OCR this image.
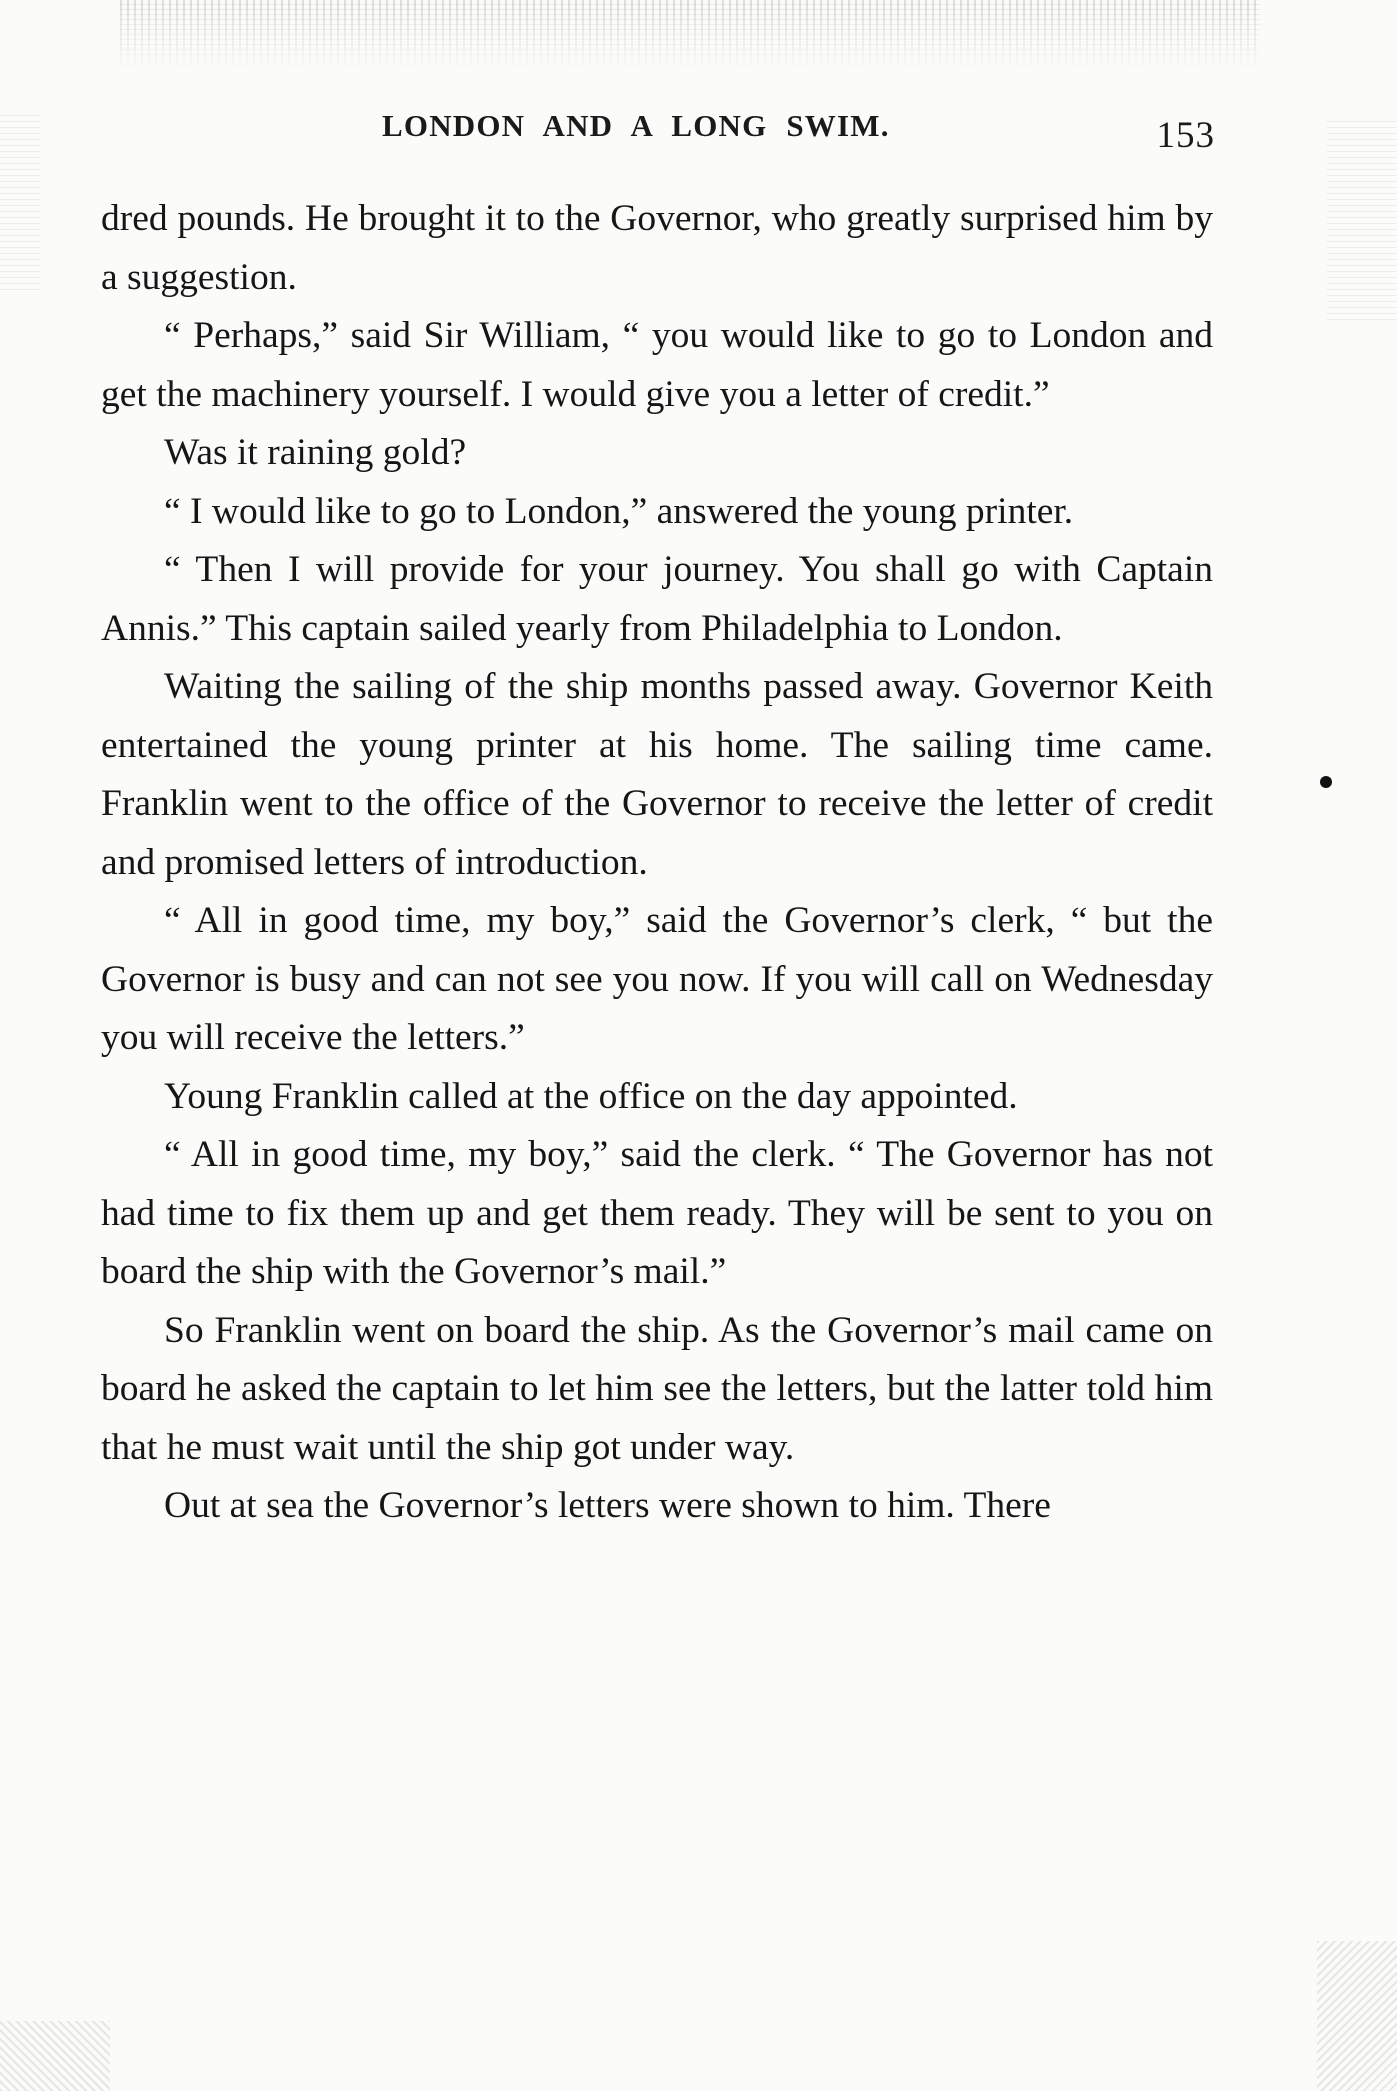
LONDON AND A LONG SWIM.	153

dred pounds. He brought it to the Governor, who greatly surprised him by a suggestion.

“ Perhaps,” said Sir William, “ you would like to go to London and get the machinery yourself. I would give you a letter of credit.”

Was it raining gold?

“ I would like to go to London,” answered the young printer.

“ Then I will provide for your journey. You shall go with Captain Annis.” This captain sailed yearly from Philadelphia to London.

Waiting the sailing of the ship months passed away. Governor Keith entertained the young printer at his home. The sailing time came. Franklin went to the office of the Governor to receive the letter of credit and promised letters of introduction.

“ All in good time, my boy,” said the Governor’s clerk, “ but the Governor is busy and can not see you now. If you will call on Wednesday you will receive the letters.”

Young Franklin called at the office on the day appointed.

“ All in good time, my boy,” said the clerk. “ The Governor has not had time to fix them up and get them ready. They will be sent to you on board the ship with the Governor’s mail.”

So Franklin went on board the ship. As the Governor’s mail came on board he asked the captain to let him see the letters, but the latter told him that he must wait until the ship got under way.

Out at sea the Governor’s letters were shown to him. There
